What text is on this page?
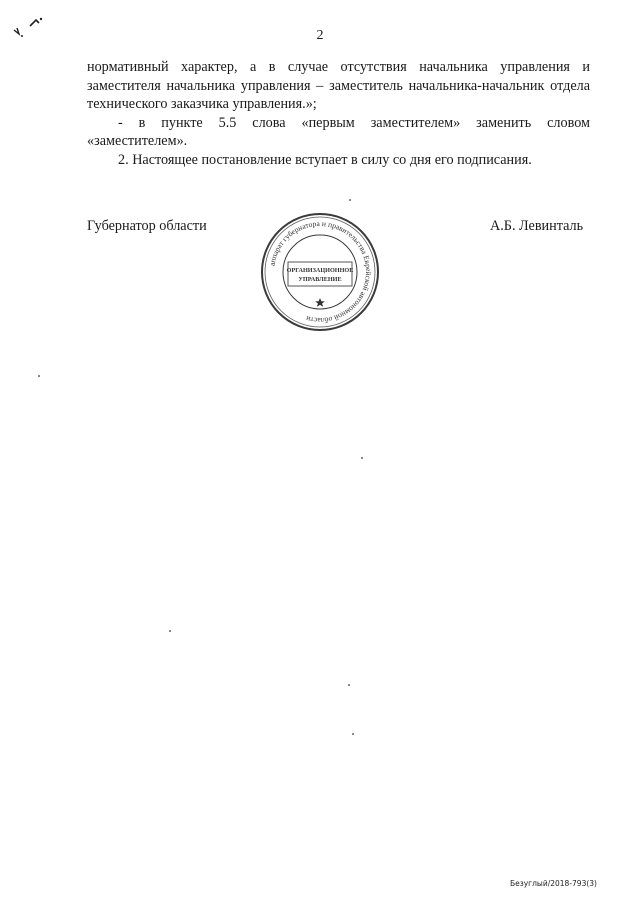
2

нормативный характер, а в случае отсутствия начальника управления и заместителя начальника управления – заместитель начальника-начальник отдела технического заказчика управления.»;

- в пункте 5.5 слова «первым заместителем» заменить словом «заместителем».

2. Настоящее постановление вступает в силу со дня его подписания.

Губернатор области	А.Б. Левинталь
аппарат губернатора и правительства Еврейской автономной области
ОРГАНИЗАЦИОННОЕ
УПРАВЛЕНИЕ
Безуглый/2018-793(3)
